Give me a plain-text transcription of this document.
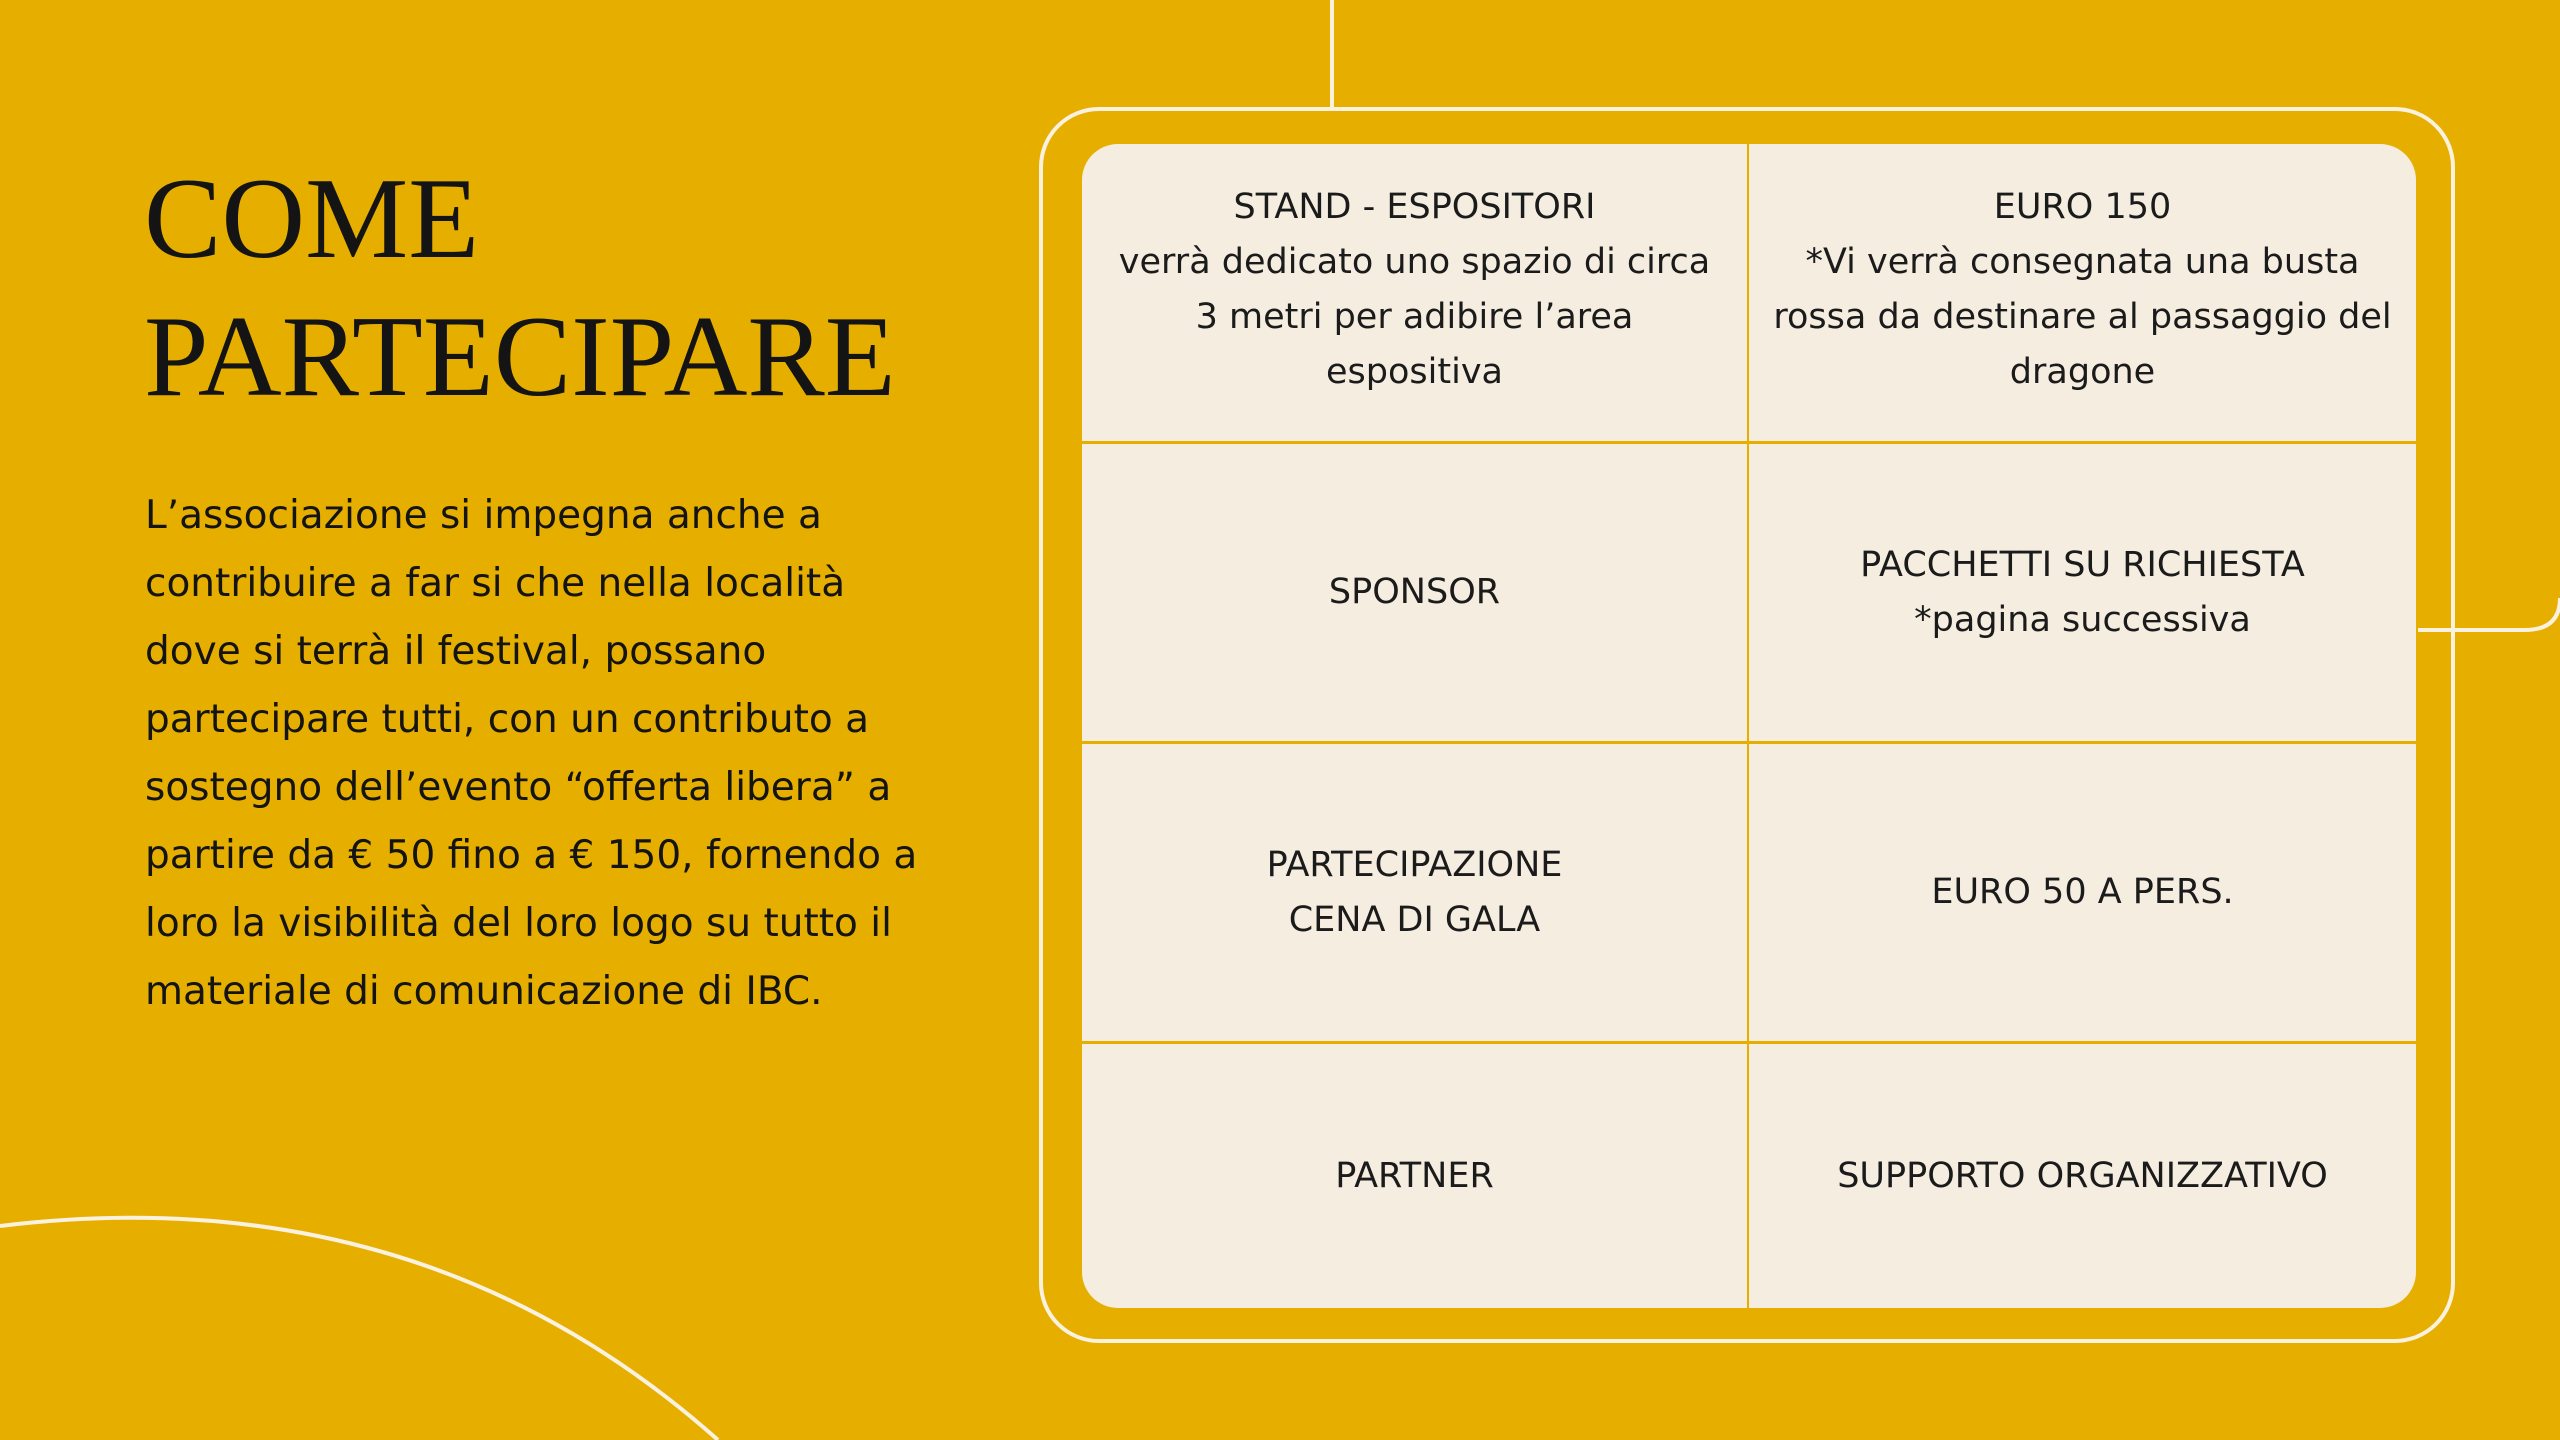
COME
PARTECIPARE

L’associazione si impegna anche a
contribuire a far si che nella località
dove si terrà il festival, possano
partecipare tutti, con un contributo a
sostegno dell’evento “offerta libera” a
partire da € 50 fino a € 150, fornendo a
loro la visibilità del loro logo su tutto il
materiale di comunicazione di IBC.

STAND - ESPOSITORI
verrà dedicato uno spazio di circa
3 metri per adibire l’area
espositiva
EURO 150
*Vi verrà consegnata una busta
rossa da destinare al passaggio del
dragone
SPONSOR
PACCHETTI SU RICHIESTA
*pagina successiva
PARTECIPAZIONE
CENA DI GALA
EURO 50 A PERS.
PARTNER	SUPPORTO ORGANIZZATIVO
